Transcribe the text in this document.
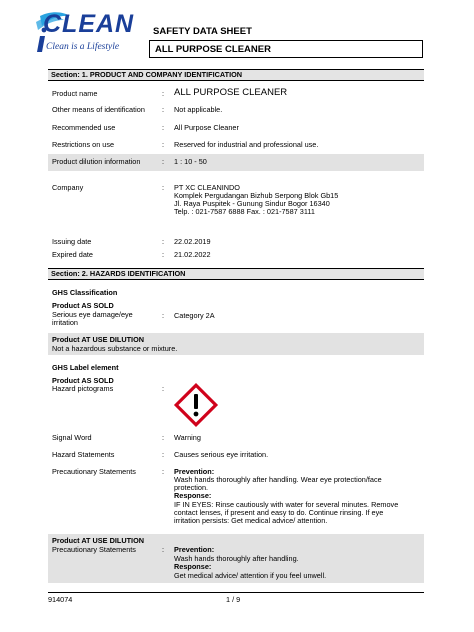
CLEAN
Clean is a Lifestyle
SAFETY DATA SHEET
ALL PURPOSE CLEANER
Section: 1. PRODUCT AND COMPANY IDENTIFICATION
Product name	: ALL PURPOSE CLEANER
Other means of identification : Not applicable.
Recommended use	: All Purpose Cleaner
Restrictions on use	: Reserved for industrial and professional use.
Product dilution information	: 1 : 10 - 50
Company	: PT XC CLEANINDO
Komplek Pergudangan Bizhub Serpong Blok Gb15
Jl. Raya Puspitek - Gunung Sindur Bogor 16340
Telp. : 021-7587 6888 Fax. : 021-7587 3111
Issuing date	: 22.02.2019
Expired date	: 21.02.2022
Section: 2. HAZARDS IDENTIFICATION
GHS Classification
Product AS SOLD
Serious eye damage/eye
irritation
: Category 2A
Product AT USE DILUTION
Not a hazardous substance or mixture.
GHS Label element
Product AS SOLD
Hazard pictograms	:
Signal Word	: Warning
Hazard Statements	: Causes serious eye irritation.
Precautionary Statements	: Prevention:
Wash hands thoroughly after handling. Wear eye protection/face
protection.
Response:
IF IN EYES: Rinse cautiously with water for several minutes. Remove
contact lenses, if present and easy to do. Continue rinsing. If eye
irritation persists: Get medical advice/ attention.
Product AT USE DILUTION
Precautionary Statements	: Prevention:
Wash hands thoroughly after handling.
Response:
Get medical advice/ attention if you feel unwell.
914074	1 / 9
